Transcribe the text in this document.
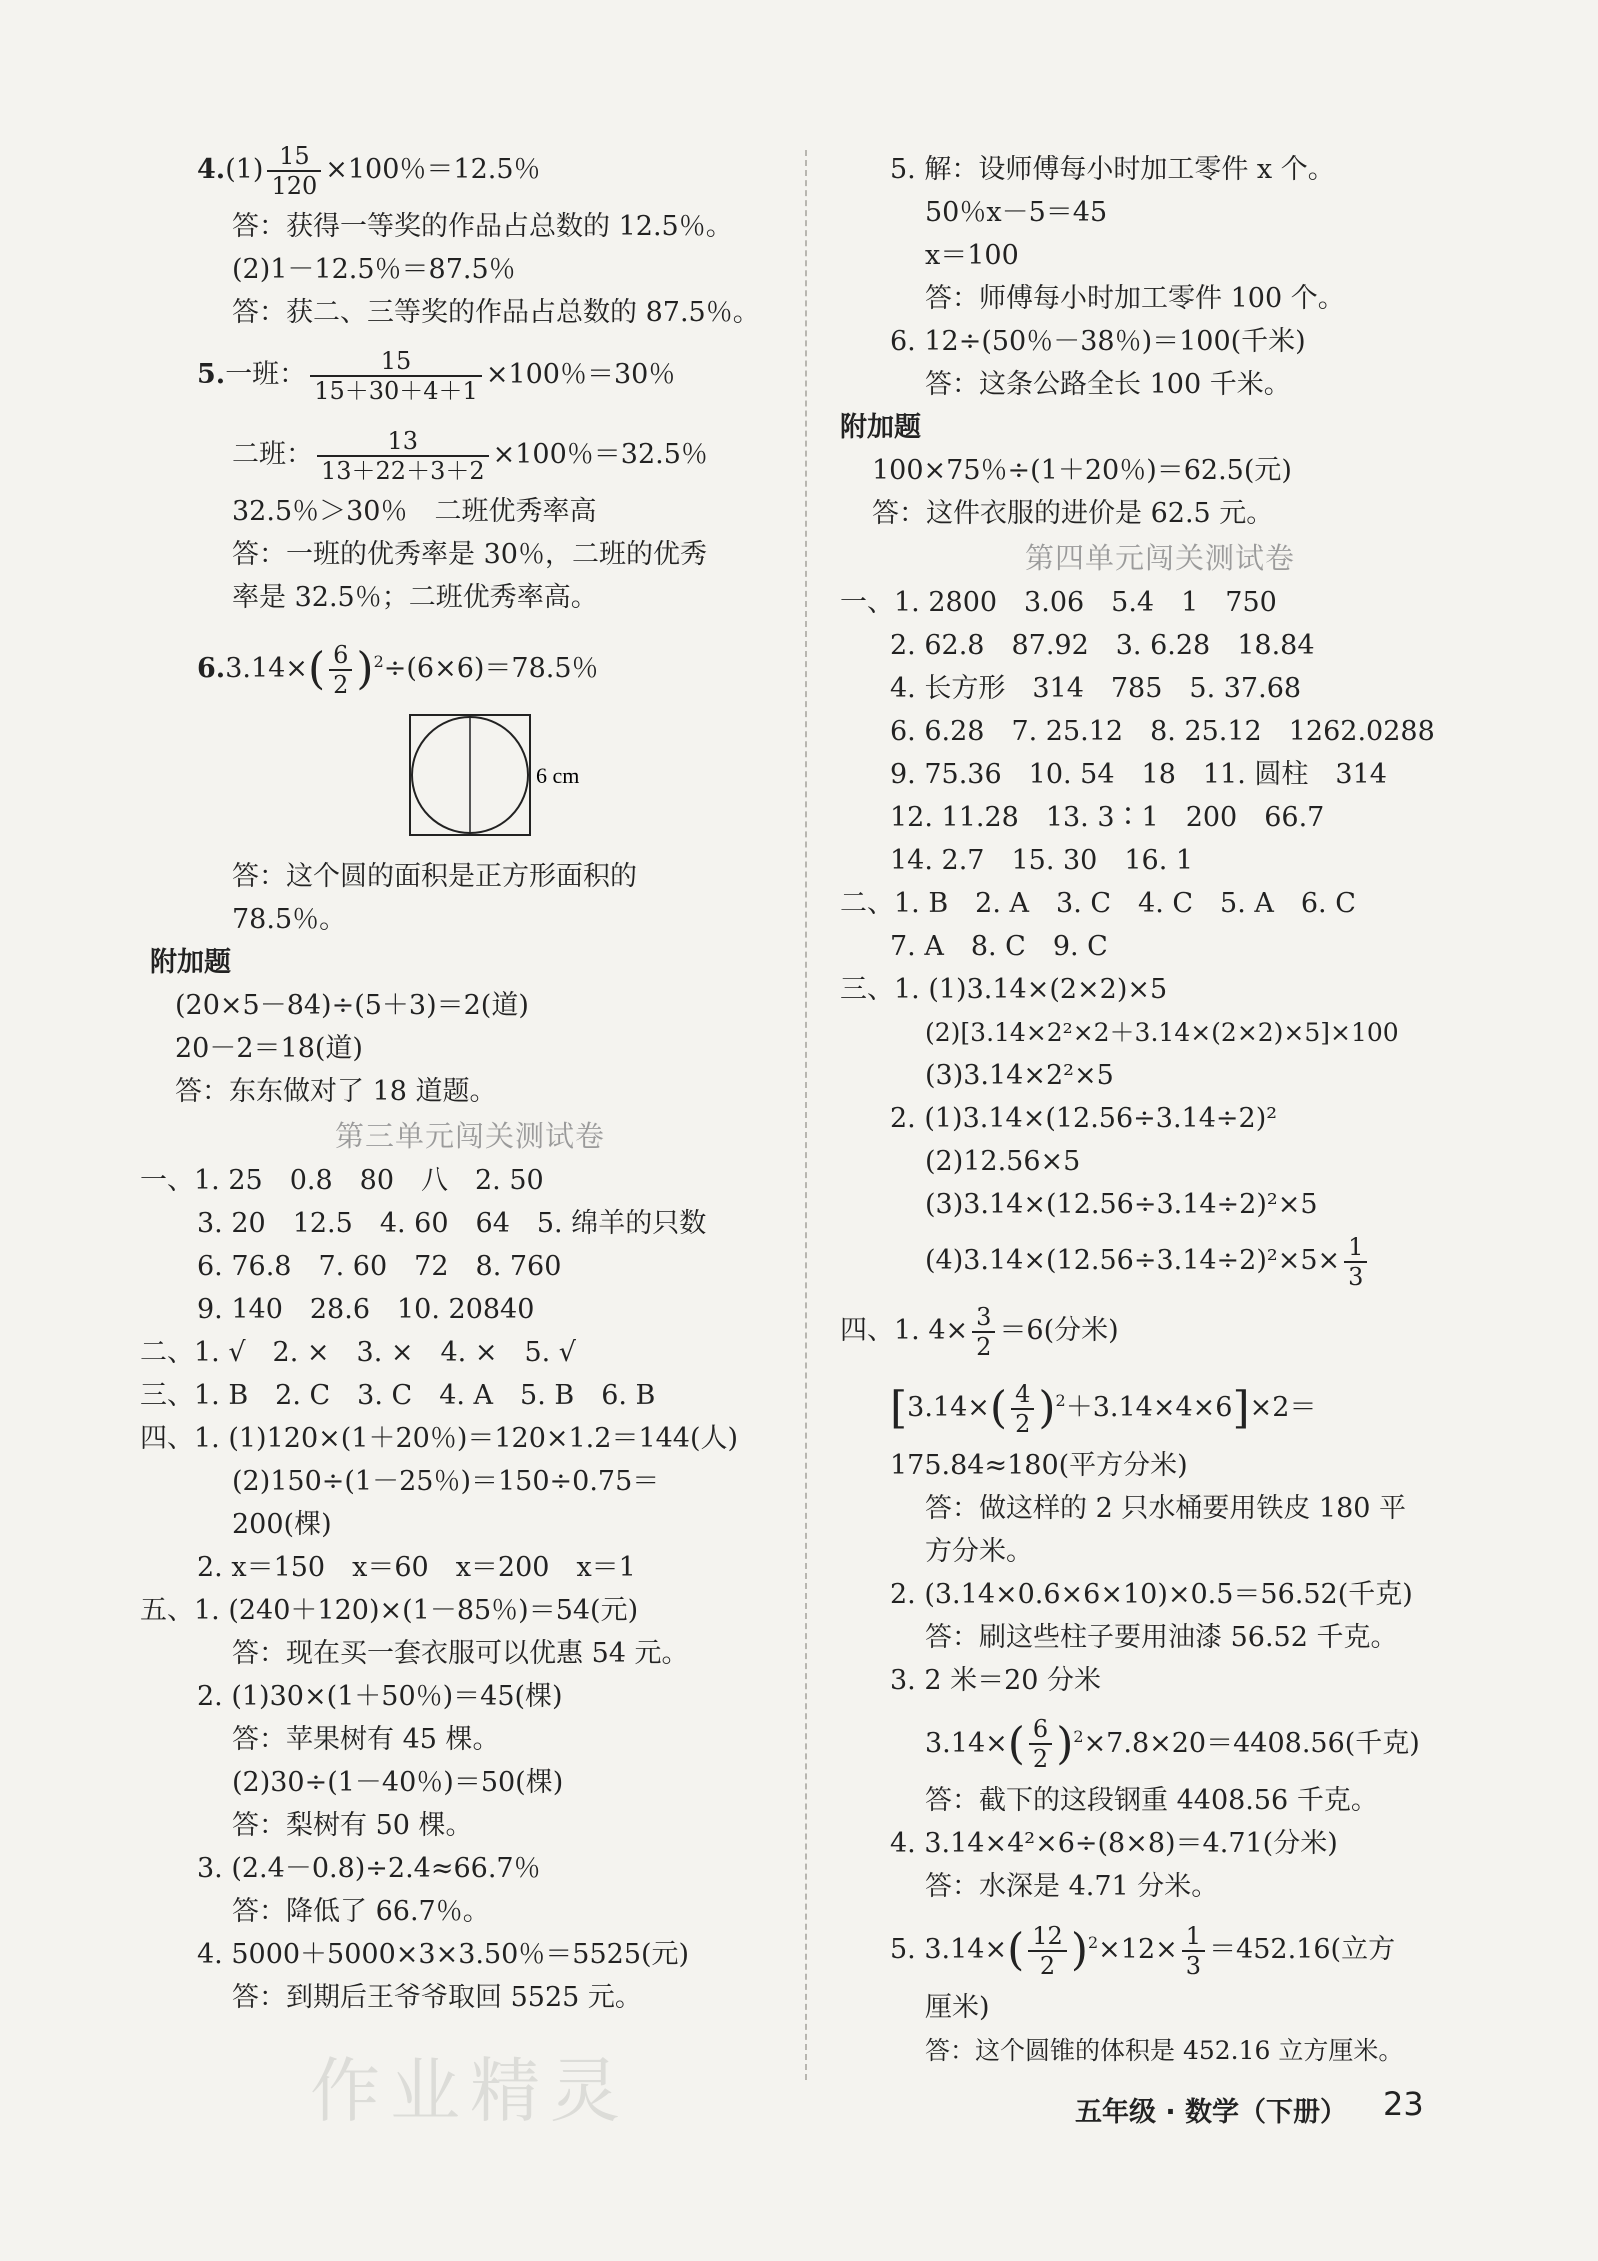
$4.(1) \frac{15}{120} \times 100$％＝12.5％
答：获得一等奖的作品占总数的 12.5％。
(2)1－12.5％＝87.5％
答：获二、三等奖的作品占总数的 87.5％。
5.一班： $\frac{15}{15+30+4+1} \times 100$％＝30％
二班： $\frac{13}{13+22+3+2} \times 100$％＝32.5％
32.5％＞30％　二班优秀率高
答：一班的优秀率是 30％，二班的优秀
率是 32.5％；二班优秀率高。
$6.3.14\times( \frac{6}{2} )^2\div(6\times 6)=78.5$％
6 cm
答：这个圆的面积是正方形面积的
78.5％。
附加题
(20×5－84)÷(5＋3)＝2(道)
20－2＝18(道)
答：东东做对了 18 道题。
第三单元闯关测试卷
一、1. 25　0.8　80　八　2. 50
3. 20　12.5　4. 60　64　5. 绵羊的只数
6. 76.8　7. 60　72　8. 760
9. 140　28.6　10. 20840
二、1. √　2. ×　3. ×　4. ×　5. √
三、1. B　2. C　3. C　4. A　5. B　6. B
四、1. (1)120×(1＋20％)＝120×1.2＝144(人)
(2)150÷(1－25％)＝150÷0.75＝
200(棵)
2. x＝150　x＝60　x＝200　x＝1
五、1. (240＋120)×(1－85％)＝54(元)
答：现在买一套衣服可以优惠 54 元。
2. (1)30×(1＋50％)＝45(棵)
答：苹果树有 45 棵。
(2)30÷(1－40％)＝50(棵)
答：梨树有 50 棵。
3. (2.4－0.8)÷2.4≈66.7％
答：降低了 66.7％。
4. 5000＋5000×3×3.50％＝5525(元)
答：到期后王爷爷取回 5525 元。
5. 解：设师傅每小时加工零件 x 个。
50％x－5＝45
x＝100
答：师傅每小时加工零件 100 个。
6. 12÷(50％－38％)＝100(千米)
答：这条公路全长 100 千米。
附加题
100×75％÷(1＋20％)＝62.5(元)
答：这件衣服的进价是 62.5 元。
第四单元闯关测试卷
一、1. 2800　3.06　5.4　1　750
2. 62.8　87.92　3. 6.28　18.84
4. 长方形　314　785　5. 37.68
6. 6.28　7. 25.12　8. 25.12　1262.0288
9. 75.36　10. 54　18　11. 圆柱　314
12. 11.28　13. 3∶1　200　66.7
14. 2.7　15. 30　16. 1
二、1. B　2. A　3. C　4. C　5. A　6. C
7. A　8. C　9. C
三、1. (1)3.14×(2×2)×5
(2)[3.14×2²×2＋3.14×(2×2)×5]×100
(3)3.14×2²×5
2. (1)3.14×(12.56÷3.14÷2)²
(2)12.56×5
(3)3.14×(12.56÷3.14÷2)²×5
$(4)3.14\times(12.56\div 3.14\div 2)^2\times 5\times \frac{1}{3}$
四、1. $4\times \frac{3}{2} =6$(分米)
$[3.14\times( \frac{4}{2} )^2+3.14\times 4\times 6]\times 2=$
175.84≈180(平方分米)
答：做这样的 2 只水桶要用铁皮 180 平
方分米。
2. (3.14×0.6×6×10)×0.5＝56.52(千克)
答：刷这些柱子要用油漆 56.52 千克。
3. 2 米＝20 分米
$3.14\times( \frac{6}{2} )^2\times 7.8\times 20=4408.56$(千克)
答：截下的这段钢重 4408.56 千克。
4. 3.14×4²×6÷(8×8)＝4.71(分米)
答：水深是 4.71 分米。
5. $3.14\times( \frac{12}{2} )^2\times 12\times \frac{1}{3} =452.16$(立方
厘米)
答：这个圆锥的体积是 452.16 立方厘米。
作业精灵	五年级 · 数学（下册） 23
